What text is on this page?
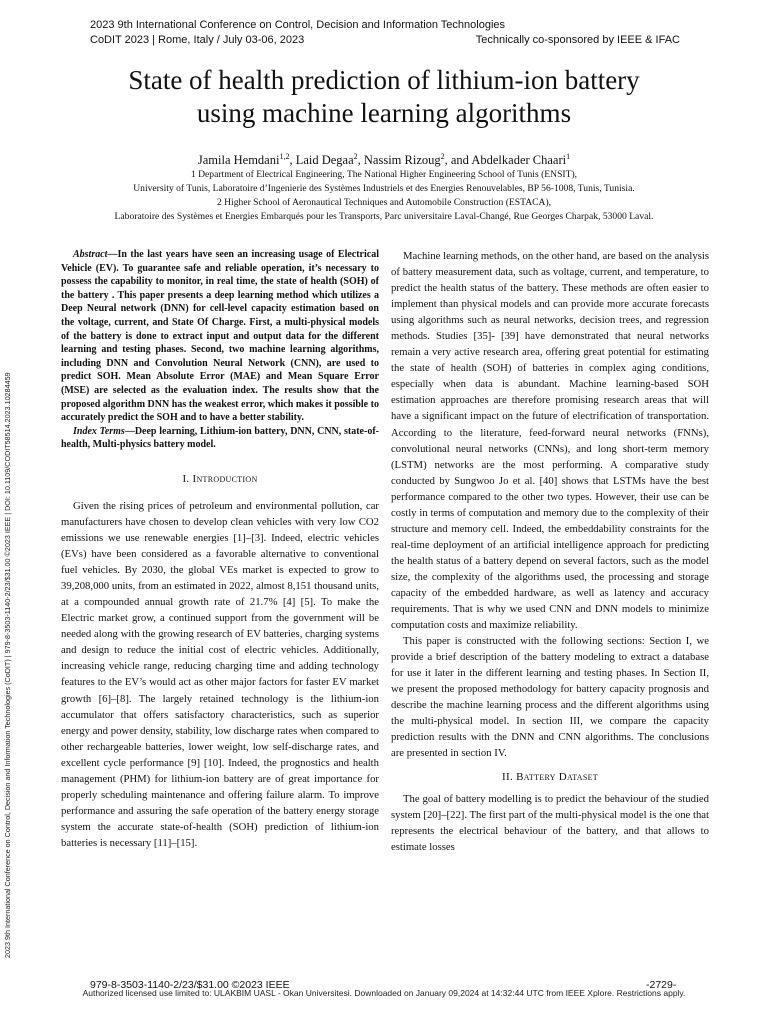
2023 9th International Conference on Control, Decision and Information Technologies
CoDIT 2023 | Rome, Italy / July 03-06, 2023	Technically co-sponsored by IEEE & IFAC
State of health prediction of lithium-ion battery
using machine learning algorithms
Jamila Hemdani$^{1,2}$, Laid Degaa$^2$, Nassim Rizoug$^2$, and Abdelkader Chaari$^1$
1 Department of Electrical Engineering, The National Higher Engineering School of Tunis (ENSIT),
University of Tunis, Laboratoire d’Ingenierie des Systèmes Industriels et des Energies Renouvelables, BP 56-1008, Tunis, Tunisia.
2 Higher School of Aeronautical Techniques and Automobile Construction (ESTACA),
Laboratoire des Systèmes et Energies Embarqués pour les Transports, Parc universitaire Laval-Changé, Rue Georges Charpak, 53000 Laval.
2023 9th International Conference on Control, Decision and Information Technologies (CoDIT) | 979-8-3503-1140-2/23/$31.00 ©2023 IEEE | DOI: 10.1109/CODIT58514.2023.10284459

Abstract—In the last years have seen an increasing usage of Electrical Vehicle (EV). To guarantee safe and reliable operation, it’s necessary to possess the capability to monitor, in real time, the state of health (SOH) of the battery . This paper presents a deep learning method which utilizes a Deep Neural network (DNN) for cell-level capacity estimation based on the voltage, current, and State Of Charge. First, a multi-physical models of the battery is done to extract input and output data for the different learning and testing phases. Second, two machine learning algorithms, including DNN and Convolution Neural Network (CNN), are used to predict SOH. Mean Absolute Error (MAE) and Mean Square Error (MSE) are selected as the evaluation index. The results show that the proposed algorithm DNN has the weakest error, which makes it possible to accurately predict the SOH and to have a better stability.

Index Terms—Deep learning, Lithium-ion battery, DNN, CNN, state-of-health, Multi-physics battery model.

I. Introduction

Given the rising prices of petroleum and environmental pollution, car manufacturers have chosen to develop clean vehicles with very low CO2 emissions we use renewable energies [1]–[3]. Indeed, electric vehicles (EVs) have been considered as a favorable alternative to conventional fuel vehicles. By 2030, the global VEs market is expected to grow to 39,208,000 units, from an estimated in 2022, almost 8,151 thousand units, at a compounded annual growth rate of 21.7% [4] [5]. To make the Electric market grow, a continued support from the government will be needed along with the growing research of EV batteries, charging systems and design to reduce the initial cost of electric vehicles. Additionally, increasing vehicle range, reducing charging time and adding technology features to the EV’s would act as other major factors for faster EV market growth [6]–[8]. The largely retained technology is the lithium-ion accumulator that offers satisfactory characteristics, such as superior energy and power density, stability, low discharge rates when compared to other rechargeable batteries, lower weight, low self-discharge rates, and excellent cycle performance [9] [10]. Indeed, the prognostics and health management (PHM) for lithium-ion battery are of great importance for properly scheduling maintenance and offering failure alarm. To improve performance and assuring the safe operation of the battery energy storage system the accurate state-of-health (SOH) prediction of lithium-ion batteries is necessary [11]–[15].

Machine learning methods, on the other hand, are based on the analysis of battery measurement data, such as voltage, current, and temperature, to predict the health status of the battery. These methods are often easier to implement than physical models and can provide more accurate forecasts using algorithms such as neural networks, decision trees, and regression methods. Studies [35]- [39] have demonstrated that neural networks remain a very active research area, offering great potential for estimating the state of health (SOH) of batteries in complex aging conditions, especially when data is abundant. Machine learning-based SOH estimation approaches are therefore promising research areas that will have a significant impact on the future of electrification of transportation. According to the literature, feed-forward neural networks (FNNs), convolutional neural networks (CNNs), and long short-term memory (LSTM) networks are the most performing. A comparative study conducted by Sungwoo Jo et al. [40] shows that LSTMs have the best performance compared to the other two types. However, their use can be costly in terms of computation and memory due to the complexity of their structure and memory cell. Indeed, the embeddability constraints for the real-time deployment of an artificial intelligence approach for predicting the health status of a battery depend on several factors, such as the model size, the complexity of the algorithms used, the processing and storage capacity of the embedded hardware, as well as latency and accuracy requirements. That is why we used CNN and DNN models to minimize computation costs and maximize reliability.

This paper is constructed with the following sections: Section I, we provide a brief description of the battery modeling to extract a database for use it later in the different learning and testing phases. In Section II, we present the proposed methodology for battery capacity prognosis and describe the machine learning process and the different algorithms using the multi-physical model. In section III, we compare the capacity prediction results with the DNN and CNN algorithms. The conclusions are presented in section IV.

II. Battery Dataset

The goal of battery modelling is to predict the behaviour of the studied system [20]–[22]. The first part of the multi-physical model is the one that represents the electrical behaviour of the battery, and that allows to estimate losses

979-8-3503-1140-2/23/$31.00 ©2023 IEEE	-2729-
Authorized licensed use limited to: ULAKBIM UASL - Okan Universitesi. Downloaded on January 09,2024 at 14:32:44 UTC from IEEE Xplore. Restrictions apply.
